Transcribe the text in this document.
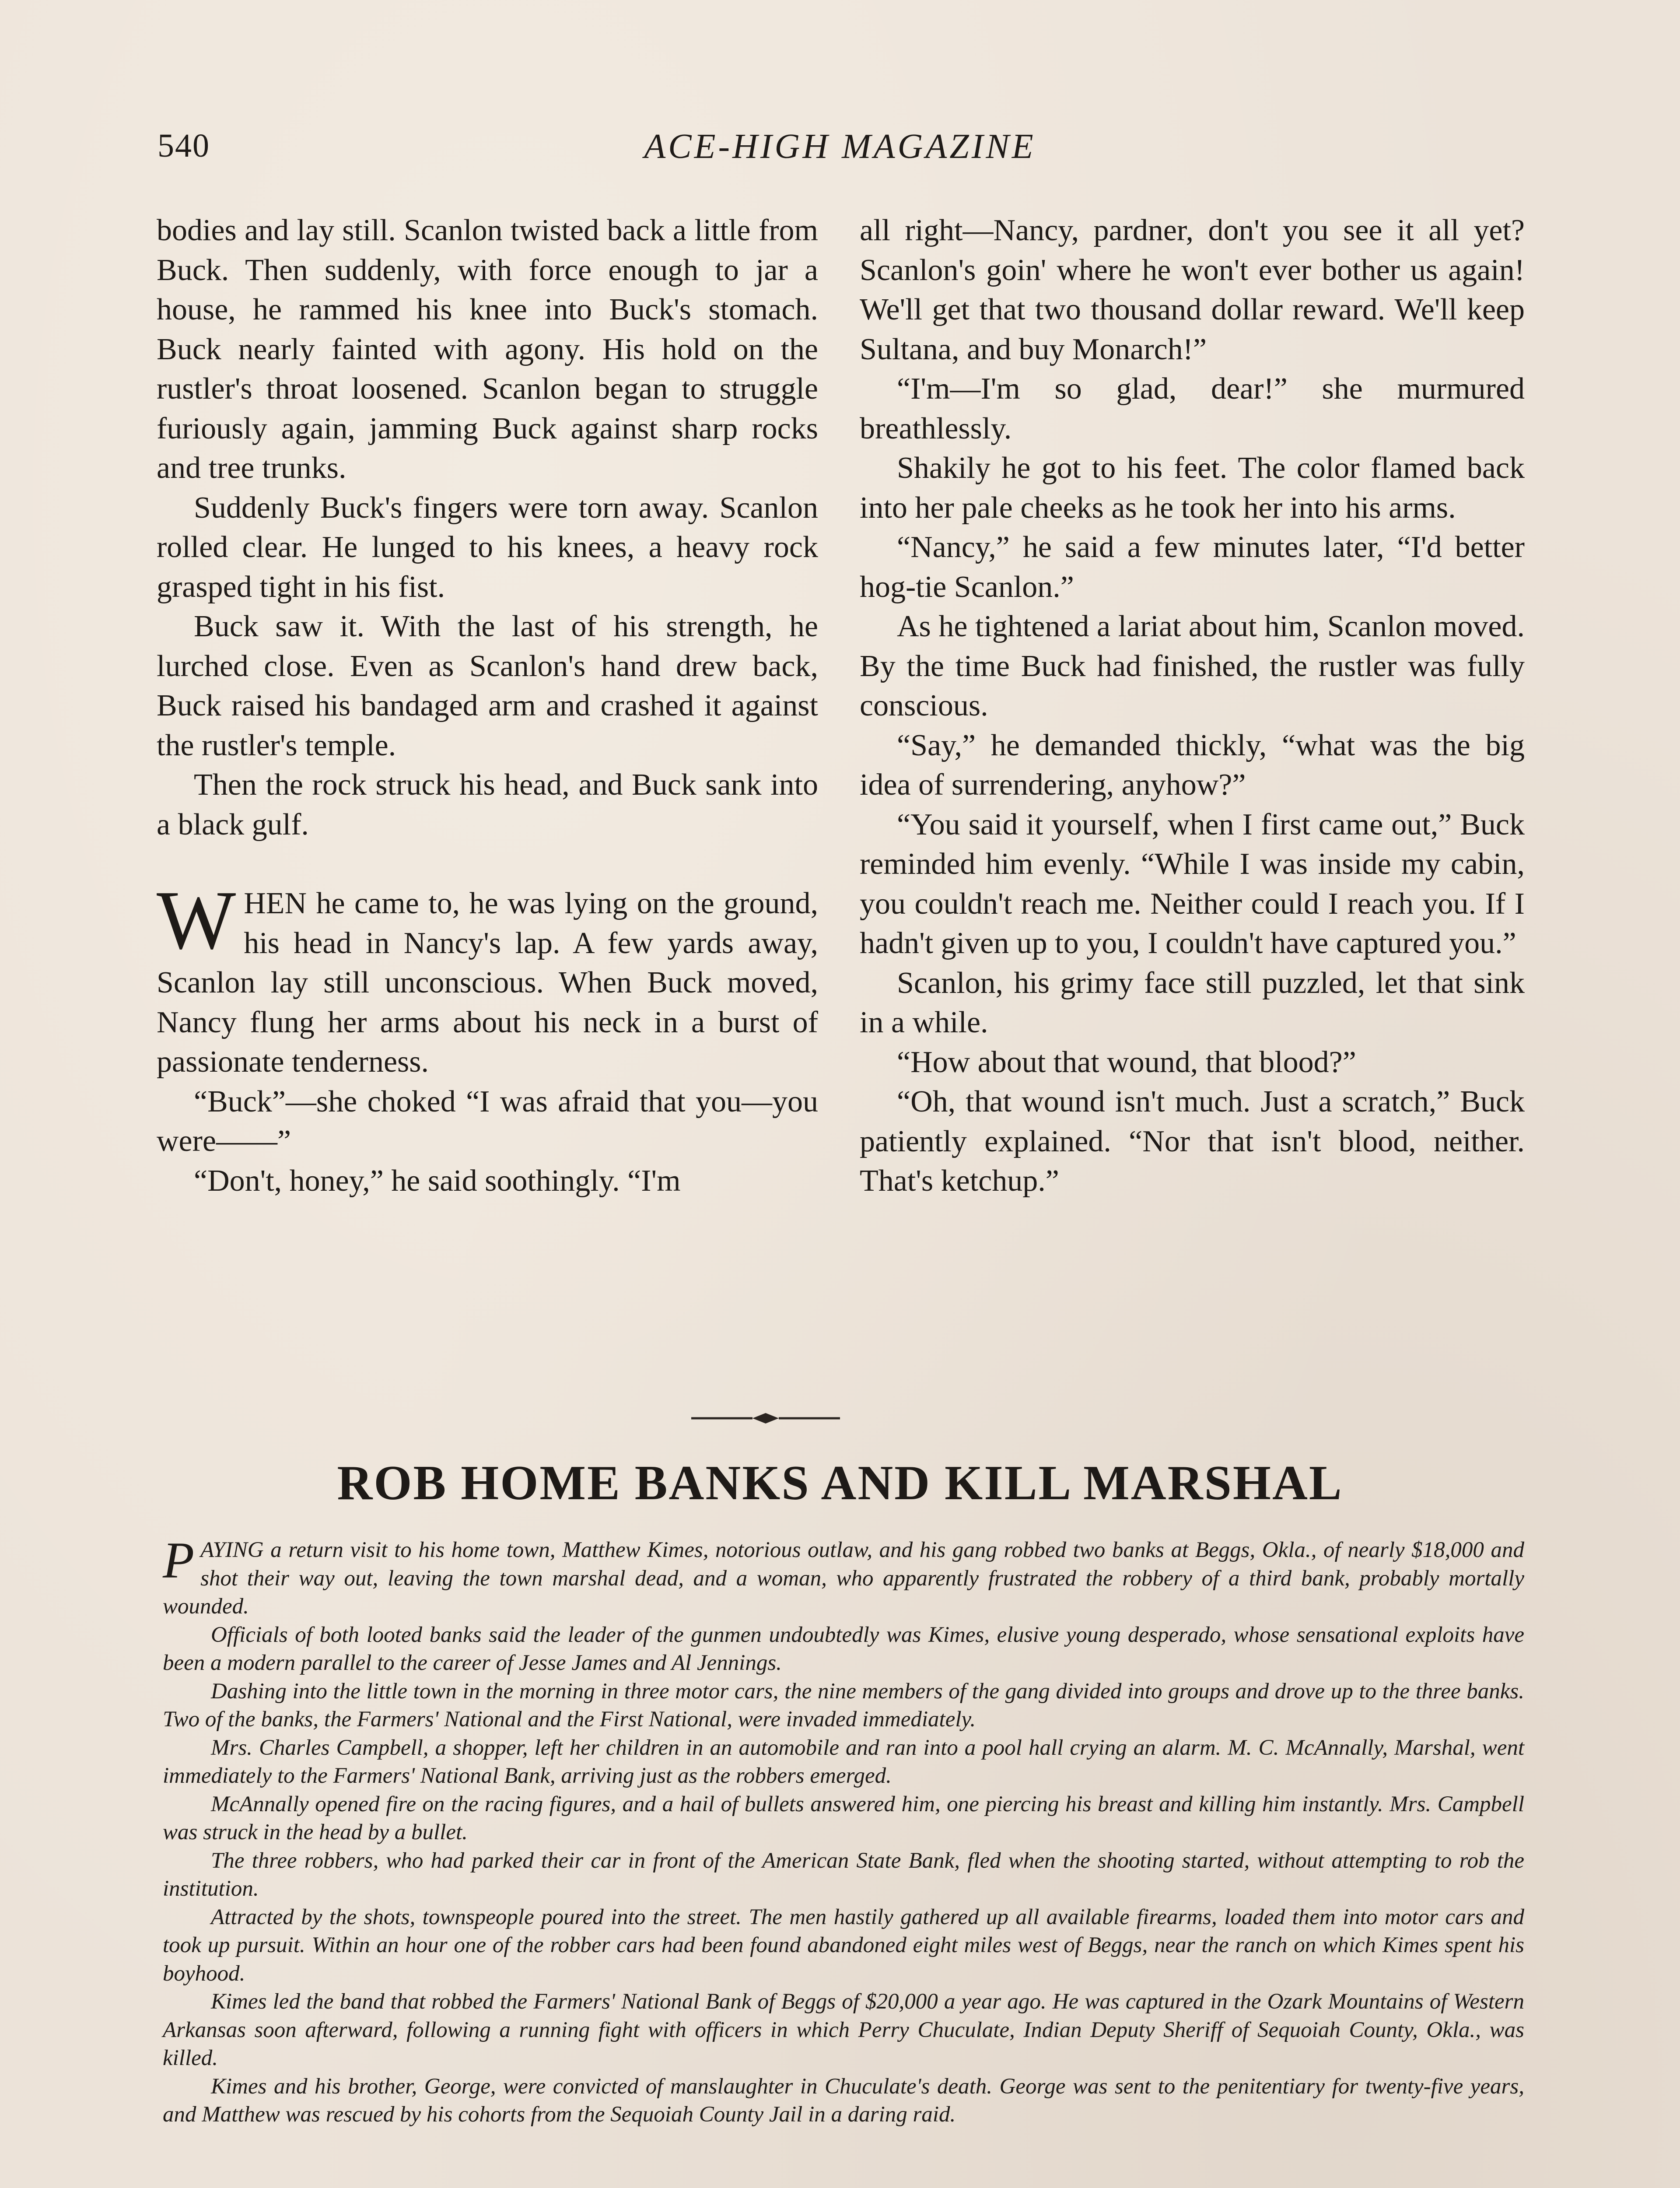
540	ACE-HIGH MAGAZINE

bodies and lay still. Scanlon twisted back a little from Buck. Then suddenly, with force enough to jar a house, he rammed his knee into Buck's stomach. Buck nearly fainted with agony. His hold on the rustler's throat loosened. Scanlon began to struggle furiously again, jamming Buck against sharp rocks and tree trunks.

Suddenly Buck's fingers were torn away. Scanlon rolled clear. He lunged to his knees, a heavy rock grasped tight in his fist.

Buck saw it. With the last of his strength, he lurched close. Even as Scanlon's hand drew back, Buck raised his bandaged arm and crashed it against the rustler's temple.

Then the rock struck his head, and Buck sank into a black gulf.

WHEN he came to, he was lying on the ground, his head in Nancy's lap. A few yards away, Scanlon lay still unconscious. When Buck moved, Nancy flung her arms about his neck in a burst of passionate tenderness.

“Buck”—she choked “I was afraid that you—you were——”

“Don't, honey,” he said soothingly. “I'm

all right—Nancy, pardner, don't you see it all yet? Scanlon's goin' where he won't ever bother us again! We'll get that two thousand dollar reward. We'll keep Sultana, and buy Monarch!”

“I'm—I'm so glad, dear!” she murmured breathlessly.

Shakily he got to his feet. The color flamed back into her pale cheeks as he took her into his arms.

“Nancy,” he said a few minutes later, “I'd better hog-tie Scanlon.”

As he tightened a lariat about him, Scanlon moved. By the time Buck had finished, the rustler was fully conscious.

“Say,” he demanded thickly, “what was the big idea of surrendering, anyhow?”

“You said it yourself, when I first came out,” Buck reminded him evenly. “While I was inside my cabin, you couldn't reach me. Neither could I reach you. If I hadn't given up to you, I couldn't have captured you.”

Scanlon, his grimy face still puzzled, let that sink in a while.

“How about that wound, that blood?”

“Oh, that wound isn't much. Just a scratch,” Buck patiently explained. “Nor that isn't blood, neither. That's ketchup.”

ROB HOME BANKS AND KILL MARSHAL

PAYING a return visit to his home town, Matthew Kimes, notorious outlaw, and his gang robbed two banks at Beggs, Okla., of nearly $18,000 and shot their way out, leaving the town marshal dead, and a woman, who apparently frustrated the robbery of a third bank, probably mortally wounded.

Officials of both looted banks said the leader of the gunmen undoubtedly was Kimes, elusive young desperado, whose sensational exploits have been a modern parallel to the career of Jesse James and Al Jennings.

Dashing into the little town in the morning in three motor cars, the nine members of the gang divided into groups and drove up to the three banks. Two of the banks, the Farmers' National and the First National, were invaded immediately.

Mrs. Charles Campbell, a shopper, left her children in an automobile and ran into a pool hall crying an alarm. M. C. McAnnally, Marshal, went immediately to the Farmers' National Bank, arriving just as the robbers emerged.

McAnnally opened fire on the racing figures, and a hail of bullets answered him, one piercing his breast and killing him instantly. Mrs. Campbell was struck in the head by a bullet.

The three robbers, who had parked their car in front of the American State Bank, fled when the shooting started, without attempting to rob the institution.

Attracted by the shots, townspeople poured into the street. The men hastily gathered up all available firearms, loaded them into motor cars and took up pursuit. Within an hour one of the robber cars had been found abandoned eight miles west of Beggs, near the ranch on which Kimes spent his boyhood.

Kimes led the band that robbed the Farmers' National Bank of Beggs of $20,000 a year ago. He was captured in the Ozark Mountains of Western Arkansas soon afterward, following a running fight with officers in which Perry Chuculate, Indian Deputy Sheriff of Sequoiah County, Okla., was killed.

Kimes and his brother, George, were convicted of manslaughter in Chuculate's death. George was sent to the penitentiary for twenty-five years, and Matthew was rescued by his cohorts from the Sequoiah County Jail in a daring raid.
